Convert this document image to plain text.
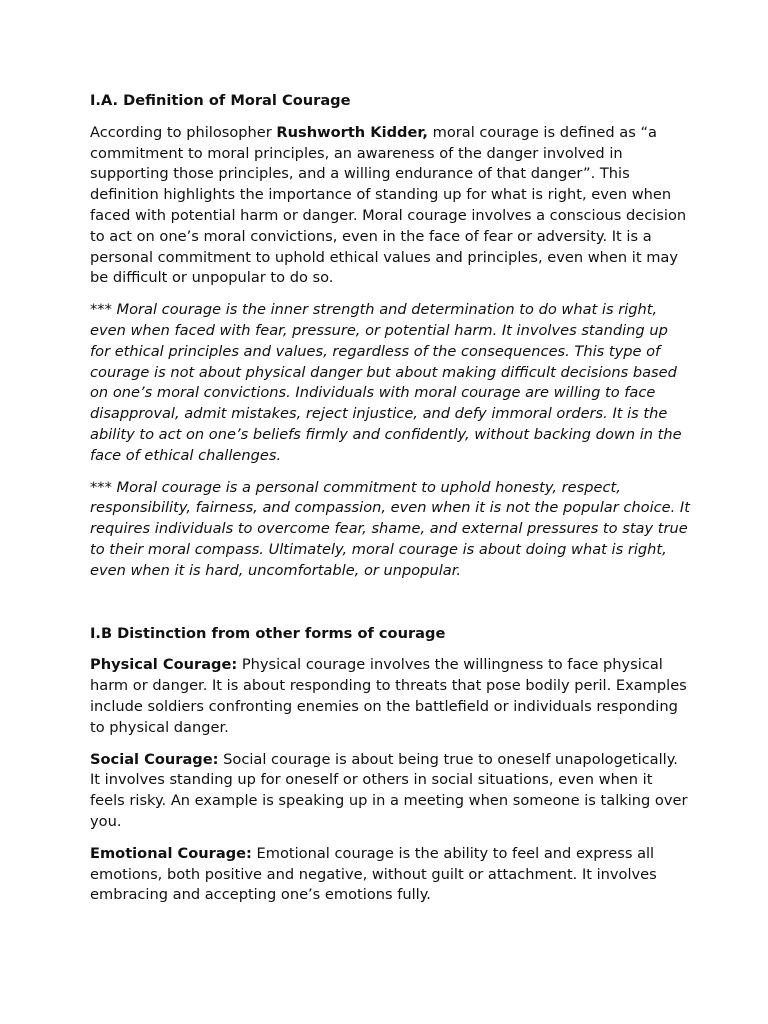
I.A. Definition of Moral Courage

According to philosopher Rushworth Kidder, moral courage is defined as “a commitment to moral principles, an awareness of the danger involved in supporting those principles, and a willing endurance of that danger”. This definition highlights the importance of standing up for what is right, even when faced with potential harm or danger. Moral courage involves a conscious decision to act on one’s moral convictions, even in the face of fear or adversity. It is a personal commitment to uphold ethical values and principles, even when it may be difficult or unpopular to do so.

*** Moral courage is the inner strength and determination to do what is right, even when faced with fear, pressure, or potential harm. It involves standing up for ethical principles and values, regardless of the consequences. This type of courage is not about physical danger but about making difficult decisions based on one’s moral convictions. Individuals with moral courage are willing to face disapproval, admit mistakes, reject injustice, and defy immoral orders. It is the ability to act on one’s beliefs firmly and confidently, without backing down in the face of ethical challenges.

*** Moral courage is a personal commitment to uphold honesty, respect, responsibility, fairness, and compassion, even when it is not the popular choice. It requires individuals to overcome fear, shame, and external pressures to stay true to their moral compass. Ultimately, moral courage is about doing what is right, even when it is hard, uncomfortable, or unpopular.

I.B Distinction from other forms of courage

Physical Courage: Physical courage involves the willingness to face physical harm or danger. It is about responding to threats that pose bodily peril. Examples include soldiers confronting enemies on the battlefield or individuals responding to physical danger.

Social Courage: Social courage is about being true to oneself unapologetically. It involves standing up for oneself or others in social situations, even when it feels risky. An example is speaking up in a meeting when someone is talking over you.

Emotional Courage: Emotional courage is the ability to feel and express all emotions, both positive and negative, without guilt or attachment. It involves embracing and accepting one’s emotions fully.
